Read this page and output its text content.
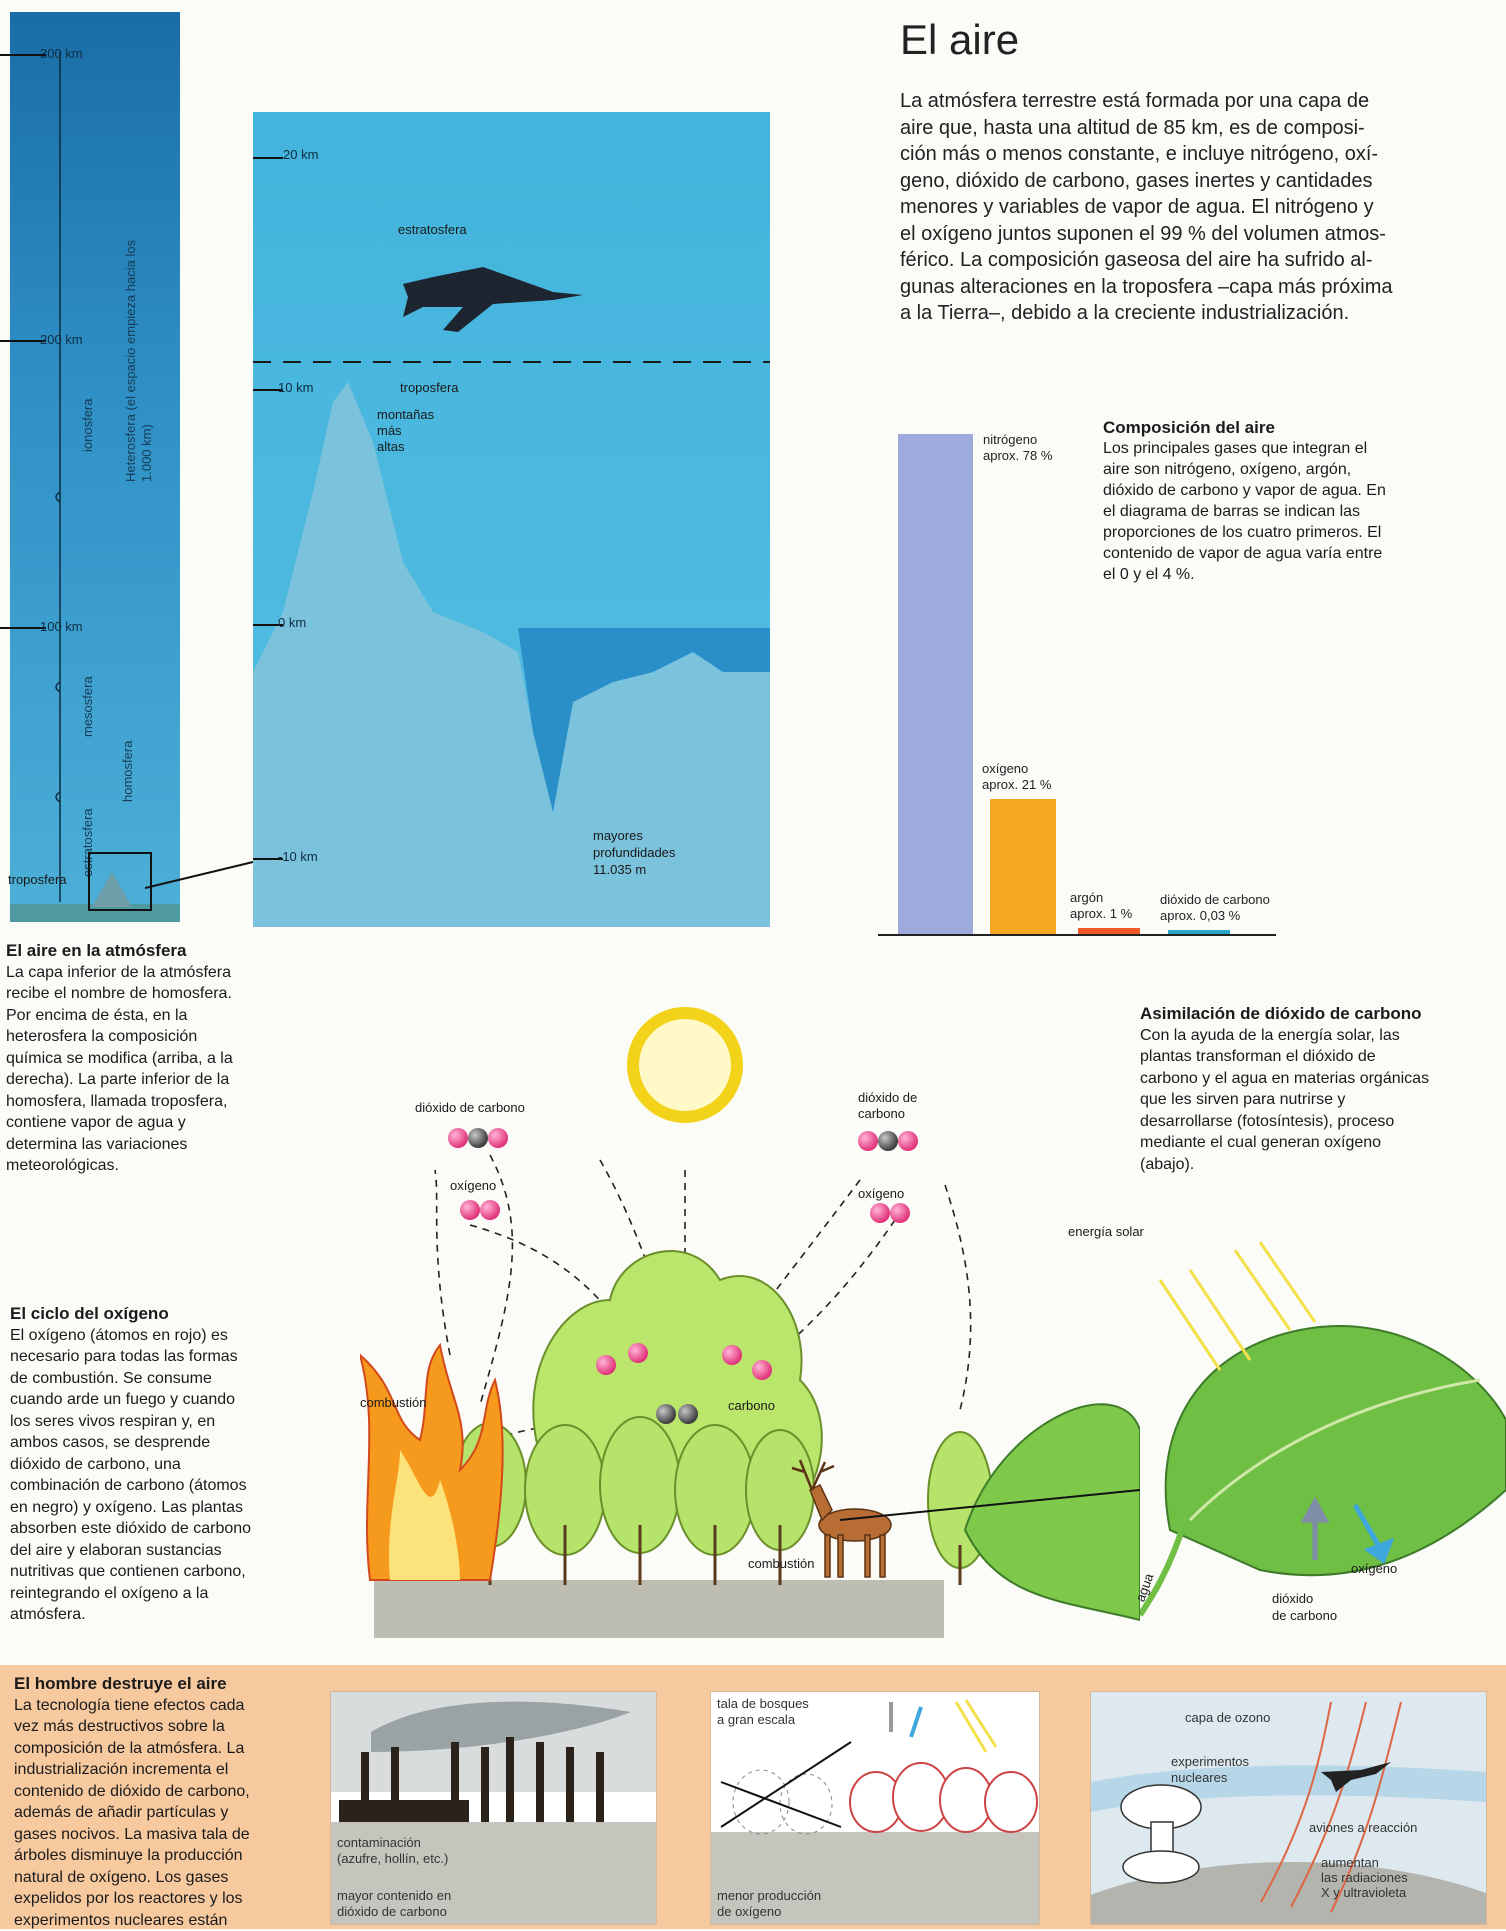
El aire
La atmósfera terrestre está formada por una capa de
aire que, hasta una altitud de 85 km, es de composi-
ción más o menos constante, e incluye nitrógeno, oxí-
geno, dióxido de carbono, gases inertes y cantidades
menores y variables de vapor de agua. El nitrógeno y
el oxígeno juntos suponen el 99 % del volumen atmos-
férico. La composición gaseosa del aire ha sufrido al-
gunas alteraciones en la troposfera –capa más próxima
a la Tierra–, debido a la creciente industrialización.
300 km
200 km
100 km
ionosfera
mesosfera
estratosfera
troposfera
Heterosfera (el espacio empieza hacia los 1.000 km)
homosfera
20 km
10 km
0 km
-10 km
estratosfera
troposfera
montañas
más
altas
mayores
profundidades
11.035 m
El aire en la atmósfera
La capa inferior de la atmósfera
recibe el nombre de homosfera.
Por encima de ésta, en la
heterosfera la composición
química se modifica (arriba, a la
derecha). La parte inferior de la
homosfera, llamada troposfera,
contiene vapor de agua y
determina las variaciones
meteorológicas.
nitrógeno
aprox. 78 %
oxígeno
aprox. 21 %
argón
aprox. 1 %
dióxido de carbono
aprox. 0,03 %
Composición del aire
Los principales gases que integran el
aire son nitrógeno, oxígeno, argón,
dióxido de carbono y vapor de agua. En
el diagrama de barras se indican las
proporciones de los cuatro primeros. El
contenido de vapor de agua varía entre
el 0 y el 4 %.
Asimilación de dióxido de carbono
Con la ayuda de la energía solar, las
plantas transforman el dióxido de
carbono y el agua en materias orgánicas
que les sirven para nutrirse y
desarrollarse (fotosíntesis), proceso
mediante el cual generan oxígeno
(abajo).
El ciclo del oxígeno
El oxígeno (átomos en rojo) es
necesario para todas las formas
de combustión. Se consume
cuando arde un fuego y cuando
los seres vivos respiran y, en
ambos casos, se desprende
dióxido de carbono, una
combinación de carbono (átomos
en negro) y oxígeno. Las plantas
absorben este dióxido de carbono
del aire y elaboran sustancias
nutritivas que contienen carbono,
reintegrando el oxígeno a la
atmósfera.
dióxido de carbono
oxígeno
dióxido de
carbono
oxígeno
combustión	carbono
combustión
energía solar
agua
oxígeno
dióxido
de carbono
El hombre destruye el aire
La tecnología tiene efectos cada
vez más destructivos sobre la
composición de la atmósfera. La
industrialización incrementa el
contenido de dióxido de carbono,
además de añadir partículas y
gases nocivos. La masiva tala de
árboles disminuye la producción
natural de oxígeno. Los gases
expelidos por los reactores y los
experimentos nucleares están
contaminación
(azufre, hollín, etc.)
mayor contenido en
dióxido de carbono
tala de bosques
a gran escala
menor producción
de oxígeno
capa de ozono
experimentos
nucleares
aviones a reacción
aumentan
las radiaciones
X y ultravioleta
